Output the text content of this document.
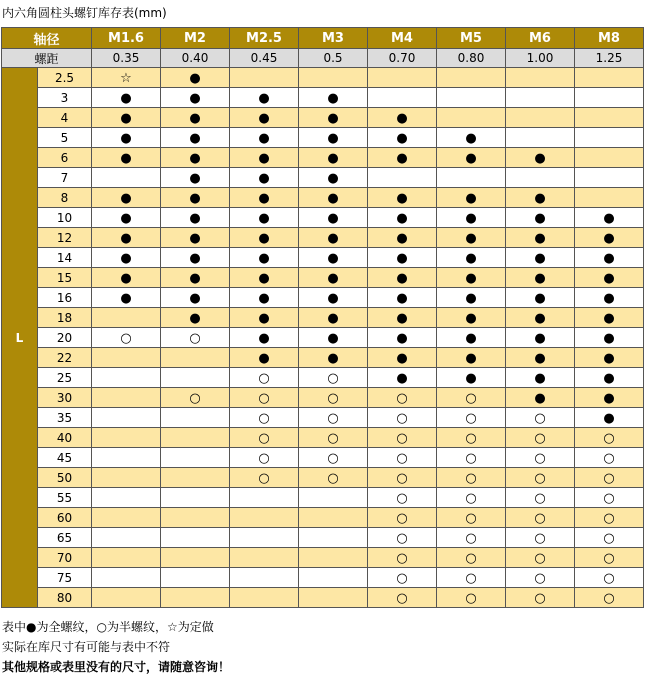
内六角圆柱头螺钉库存表(mm)
轴径		M1.6	M2	M2.5	M3	M4	M5	M6	M8
螺距		0.35	0.40	0.45	0.5	0.70	0.80	1.00	1.25
L	2.5	☆	●						
	3	●	●	●	●				
	4	●	●	●	●	●			
	5	●	●	●	●	●	●		
	6	●	●	●	●	●	●	●	
	7		●	●	●				
	8	●	●	●	●	●	●	●	
	10	●	●	●	●	●	●	●	●
	12	●	●	●	●	●	●	●	●
	14	●	●	●	●	●	●	●	●
	15	●	●	●	●	●	●	●	●
	16	●	●	●	●	●	●	●	●
	18		●	●	●	●	●	●	●
	20	○	○	●	●	●	●	●	●
	22			●	●	●	●	●	●
	25			○	○	●	●	●	●
	30		○	○	○	○	○	●	●
	35			○	○	○	○	○	●
	40			○	○	○	○	○	○
	45			○	○	○	○	○	○
	50			○	○	○	○	○	○
	55					○	○	○	○
	60					○	○	○	○
	65					○	○	○	○
	70					○	○	○	○
	75					○	○	○	○
	80					○	○	○	○
表中●为全螺纹，○为半螺纹，☆为定做
实际在库尺寸有可能与表中不符
其他规格或表里没有的尺寸，请随意咨询！
